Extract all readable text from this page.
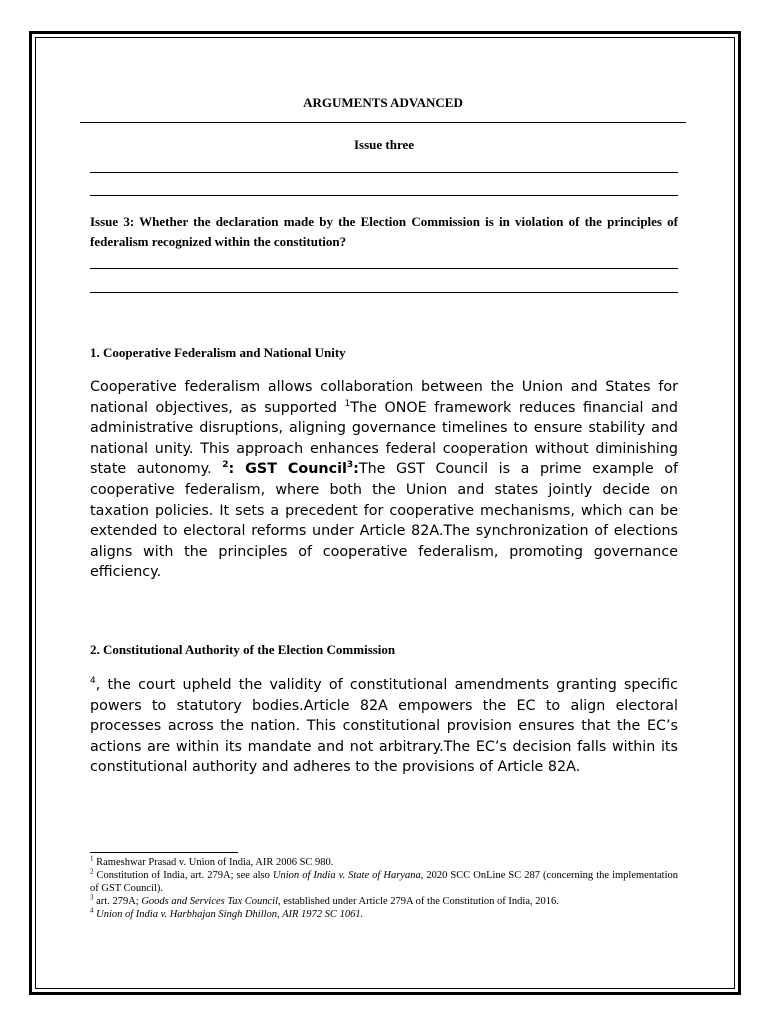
ARGUMENTS ADVANCED
Issue three
Issue 3: Whether the declaration made by the Election Commission is in violation of the principles of federalism recognized within the constitution?
1. Cooperative Federalism and National Unity
Cooperative federalism allows collaboration between the Union and States for national objectives, as supported $^1$The ONOE framework reduces financial and administrative disruptions, aligning governance timelines to ensure stability and national unity. This approach enhances federal cooperation without diminishing state autonomy. $^2$: GST Council$^3$:The GST Council is a prime example of cooperative federalism, where both the Union and states jointly decide on taxation policies. It sets a precedent for cooperative mechanisms, which can be extended to electoral reforms under Article 82A.The synchronization of elections aligns with the principles of cooperative federalism, promoting governance efficiency.
2. Constitutional Authority of the Election Commission
$^4$, the court upheld the validity of constitutional amendments granting specific powers to statutory bodies.Article 82A empowers the EC to align electoral processes across the nation. This constitutional provision ensures that the EC’s actions are within its mandate and not arbitrary.The EC’s decision falls within its constitutional authority and adheres to the provisions of Article 82A.

$^1$ Rameshwar Prasad v. Union of India, AIR 2006 SC 980.

$^2$ Constitution of India, art. 279A; see also Union of India v. State of Haryana, 2020 SCC OnLine SC 287 (concerning the implementation of GST Council).

$^3$ art. 279A; Goods and Services Tax Council, established under Article 279A of the Constitution of India, 2016.

$^4$ Union of India v. Harbhajan Singh Dhillon, AIR 1972 SC 1061.
